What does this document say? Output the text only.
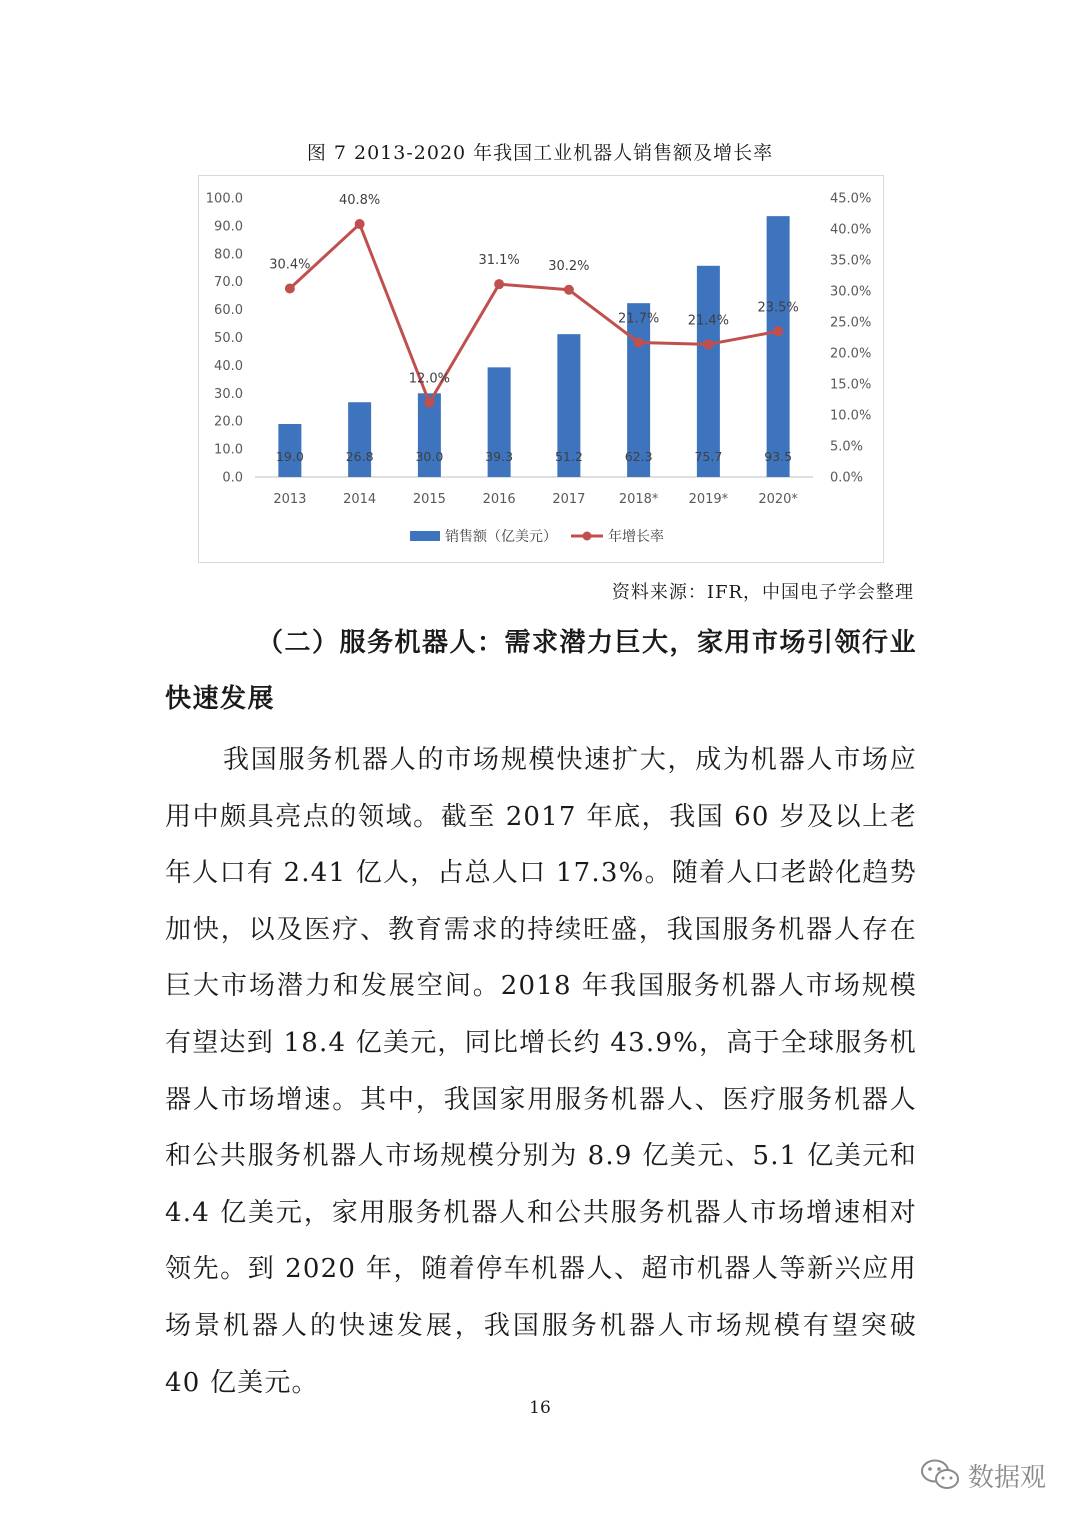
图 7 2013-2020 年我国工业机器人销售额及增长率
0.0
10.0
20.0
30.0
40.0
50.0
60.0
70.0
80.0
90.0
100.0
0.0%
5.0%
10.0%
15.0%
20.0%
25.0%
30.0%
35.0%
40.0%
45.0%
19.0	26.8	30.0	39.3	51.2	62.3	75.7	93.5
2013	2014	2015	2016	2017	2018* 2019* 2020*
30.4%
40.8%
12.0%
31.1% 30.2%
21.7% 21.4%
23.5%
销售额（亿美元）	年增长率
资料来源：IFR，中国电子学会整理
（二）服务机器人：需求潜力巨大，家用市场引领行业
快速发展
我国服务机器人的市场规模快速扩大，成为机器人市场应用中颇具亮点的领域。截至 2017 年底，我国 60 岁及以上老年人口有 2.41 亿人，占总人口 17.3%。随着人口老龄化趋势加快，以及医疗、教育需求的持续旺盛，我国服务机器人存在巨大市场潜力和发展空间。2018 年我国服务机器人市场规模有望达到 18.4 亿美元，同比增长约 43.9%，高于全球服务机器人市场增速。其中，我国家用服务机器人、医疗服务机器人和公共服务机器人市场规模分别为 8.9 亿美元、5.1 亿美元和 4.4 亿美元，家用服务机器人和公共服务机器人市场增速相对领先。到 2020 年，随着停车机器人、超市机器人等新兴应用场景机器人的快速发展，我国服务机器人市场规模有望突破 40 亿美元。
16
数据观
